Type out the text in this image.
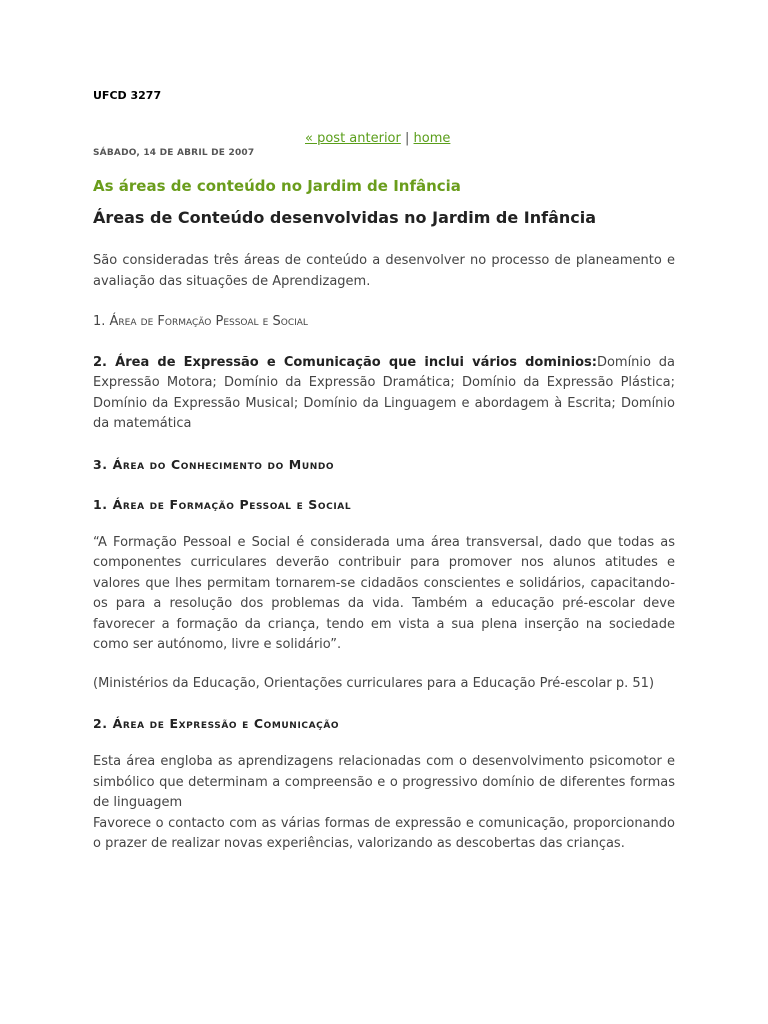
UFCD 3277
« post anterior | home
SÁBADO, 14 DE ABRIL DE 2007
As áreas de conteúdo no Jardim de Infância
Áreas de Conteúdo desenvolvidas no Jardim de Infância

São consideradas três áreas de conteúdo a desenvolver no processo de planeamento e avaliação das situações de Aprendizagem.

1. Área de Formação Pessoal e Social

2. Área de Expressão e Comunicação que inclui vários dominios:Domínio da Expressão Motora; Domínio da Expressão Dramática; Domínio da Expressão Plástica; Domínio da Expressão Musical; Domínio da Linguagem e abordagem à Escrita; Domínio da matemática

3. Área do Conhecimento do Mundo

1. Área de Formação Pessoal e Social

“A Formação Pessoal e Social é considerada uma área transversal, dado que todas as componentes curriculares deverão contribuir para promover nos alunos atitudes e valores que lhes permitam tornarem-se cidadãos conscientes e solidários, capacitando-os para a resolução dos problemas da vida. Também a educação pré-escolar deve favorecer a formação da criança, tendo em vista a sua plena inserção na sociedade como ser autónomo, livre e solidário”.

(Ministérios da Educação, Orientações curriculares para a Educação Pré-escolar p. 51)

2. Área de Expressão e Comunicação

Esta área engloba as aprendizagens relacionadas com o desenvolvimento psicomotor e simbólico que determinam a compreensão e o progressivo domínio de diferentes formas de linguagem

Favorece o contacto com as várias formas de expressão e comunicação, proporcionando o prazer de realizar novas experiências, valorizando as descobertas das crianças.
